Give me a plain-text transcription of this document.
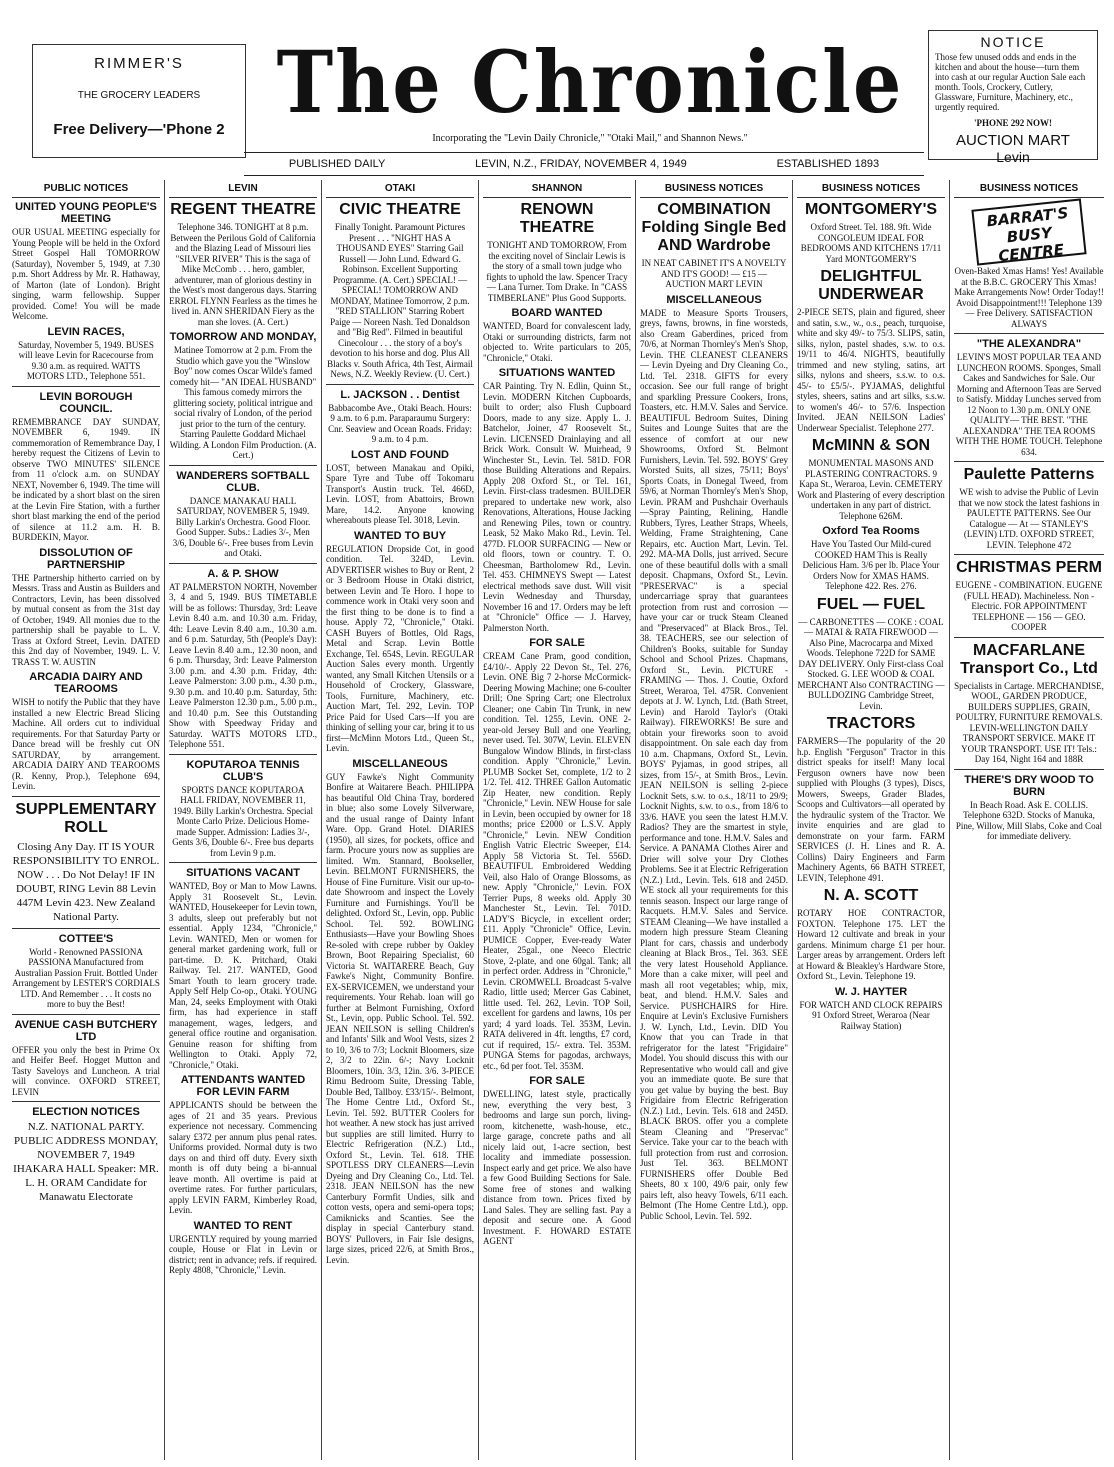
RIMMER'S
THE GROCERY LEADERS
Free Delivery—'Phone 2 The Chronicle
Incorporating the "Levin Daily Chronicle," "Otaki Mail," and Shannon News."
PUBLISHED DAILY	LEVIN, N.Z., FRIDAY, NOVEMBER 4, 1949	ESTABLISHED 1893
NOTICE
Those few unused odds and ends in the kitchen and about the house—turn them into cash at our regular Auction Sale each month. Tools, Crockery, Cutlery, Glassware, Furniture, Machinery, etc., urgently required.
'PHONE 292 NOW!
AUCTION MART
Levin
PUBLIC NOTICES
UNITED YOUNG PEOPLE'S MEETING
OUR USUAL MEETING especially for Young People will be held in the Oxford Street Gospel Hall TOMORROW (Saturday), November 5, 1949, at 7.30 p.m. Short Address by Mr. R. Hathaway, of Marton (late of London). Bright singing, warm fellowship. Supper provided. Come! You will be made Welcome.
LEVIN RACES,
Saturday, November 5, 1949. BUSES will leave Levin for Racecourse from 9.30 a.m. as required. WATTS MOTORS LTD., Telephone 551.
LEVIN BOROUGH COUNCIL.
REMEMBRANCE DAY SUNDAY, NOVEMBER 6, 1949. IN commemoration of Remembrance Day, I hereby request the Citizens of Levin to observe TWO MINUTES' SILENCE from 11 o'clock a.m. on SUNDAY NEXT, November 6, 1949. The time will be indicated by a short blast on the siren at the Levin Fire Station, with a further short blast marking the end of the period of silence at 11.2 a.m. H. B. BURDEKIN, Mayor.
DISSOLUTION OF PARTNERSHIP
THE Partnership hitherto carried on by Messrs. Trass and Austin as Builders and Contractors, Levin, has been dissolved by mutual consent as from the 31st day of October, 1949. All monies due to the partnership shall be payable to L. V. Trass at Oxford Street, Levin. DATED this 2nd day of November, 1949. L. V. TRASS T. W. AUSTIN
ARCADIA DAIRY AND TEAROOMS
WISH to notify the Public that they have installed a new Electric Bread Slicing Machine. All orders cut to individual requirements. For that Saturday Party or Dance bread will be freshly cut ON SATURDAY, by arrangement. ARCADIA DAIRY AND TEAROOMS (R. Kenny, Prop.), Telephone 694, Levin.
SUPPLEMENTARY ROLL
Closing Any Day. IT IS YOUR RESPONSIBILITY TO ENROL. NOW . . . Do Not Delay! IF IN DOUBT, RING Levin 88 Levin 447M Levin 423. New Zealand National Party.
COTTEE'S
World - Renowned PASSIONA PASSIONA Manufactured from Australian Passion Fruit. Bottled Under Arrangement by LESTER'S CORDIALS LTD. And Remember . . . It costs no more to buy the Best!
AVENUE CASH BUTCHERY LTD
OFFER you only the best in Prime Ox and Heifer Beef. Hogget Mutton and Tasty Saveloys and Luncheon. A trial will convince. OXFORD STREET, LEVIN
ELECTION NOTICES
N.Z. NATIONAL PARTY. PUBLIC ADDRESS MONDAY, NOVEMBER 7, 1949 IHAKARA HALL Speaker: MR. L. H. ORAM Candidate for Manawatu Electorate
LEVIN
REGENT THEATRE
Telephone 346. TONIGHT at 8 p.m. Between the Perilous Gold of California and the Blazing Lead of Missouri lies "SILVER RIVER" This is the saga of Mike McComb . . . hero, gambler, adventurer, man of glorious destiny in the West's most dangerous days. Starring ERROL FLYNN Fearless as the times he lived in. ANN SHERIDAN Fiery as the man she loves. (A. Cert.)
TOMORROW AND MONDAY,
Matinee Tomorrow at 2 p.m. From the Studio which gave you the "Winslow Boy" now comes Oscar Wilde's famed comedy hit— "AN IDEAL HUSBAND" This famous comedy mirrors the glittering society, political intrigue and social rivalry of London, of the period just prior to the turn of the century. Starring Paulette Goddard Michael Wilding. A London Film Production. (A. Cert.)
WANDERERS SOFTBALL CLUB.
DANCE MANAKAU HALL SATURDAY, NOVEMBER 5, 1949. Billy Larkin's Orchestra. Good Floor. Good Supper. Subs.: Ladies 3/-, Men 3/6, Double 6/-. Free buses from Levin and Otaki.
A. & P. SHOW
AT PALMERSTON NORTH, November 3, 4 and 5, 1949. BUS TIMETABLE will be as follows: Thursday, 3rd: Leave Levin 8.40 a.m. and 10.30 a.m. Friday, 4th: Leave Levin 8.40 a.m., 10.30 a.m. and 6 p.m. Saturday, 5th (People's Day): Leave Levin 8.40 a.m., 12.30 noon, and 6 p.m. Thursday, 3rd: Leave Palmerston 3.00 p.m. and 4.30 p.m. Friday, 4th: Leave Palmerston: 3.00 p.m., 4.30 p.m., 9.30 p.m. and 10.40 p.m. Saturday, 5th: Leave Palmerston 12.30 p.m., 5.00 p.m., and 10.40 p.m. See this Outstanding Show with Speedway Friday and Saturday. WATTS MOTORS LTD., Telephone 551.
KOPUTAROA TENNIS CLUB'S
SPORTS DANCE KOPUTAROA HALL FRIDAY, NOVEMBER 11, 1949. Billy Larkin's Orchestra. Special Monte Carlo Prize. Delicious Home-made Supper. Admission: Ladies 3/-, Gents 3/6, Double 6/-. Free bus departs from Levin 9 p.m.
SITUATIONS VACANT
WANTED, Boy or Man to Mow Lawns. Apply 31 Roosevelt St., Levin. WANTED, Housekeeper for Levin town, 3 adults, sleep out preferably but not essential. Apply 1234, "Chronicle," Levin. WANTED, Men or women for general market gardening work, full or part-time. D. K. Pritchard, Otaki Railway. Tel. 217. WANTED, Good Smart Youth to learn grocery trade. Apply Self Help Co-op., Otaki. YOUNG Man, 24, seeks Employment with Otaki firm, has had experience in staff management, wages, ledgers, and general office routine and organisation. Genuine reason for shifting from Wellington to Otaki. Apply 72, "Chronicle," Otaki.
ATTENDANTS WANTED FOR LEVIN FARM
APPLICANTS should be between the ages of 21 and 35 years. Previous experience not necessary. Commencing salary £372 per annum plus penal rates. Uniforms provided. Normal duty is two days on and third off duty. Every sixth month is off duty being a bi-annual leave month. All overtime is paid at overtime rates. For further particulars, apply LEVIN FARM, Kimberley Road, Levin.
WANTED TO RENT
URGENTLY required by young married couple, House or Flat in Levin or district; rent in advance; refs. if required. Reply 4808, "Chronicle," Levin.
OTAKI
CIVIC THEATRE
Finally Tonight. Paramount Pictures Present . . . "NIGHT HAS A THOUSAND EYES" Starring Gail Russell — John Lund. Edward G. Robinson. Excellent Supporting Programme. (A. Cert.) SPECIAL! — SPECIAL! TOMORROW AND MONDAY, Matinee Tomorrow, 2 p.m. "RED STALLION" Starring Robert Paige — Noreen Nash. Ted Donaldson and "Big Red". Filmed in beautiful Cinecolour . . . the story of a boy's devotion to his horse and dog. Plus All Blacks v. South Africa, 4th Test, Airmail News, N.Z. Weekly Review. (U. Cert.)
L. JACKSON . . Dentist
Babbacombe Ave., Otaki Beach. Hours: 9 a.m. to 6 p.m. Paraparaumu Surgery: Cnr. Seaview and Ocean Roads. Friday: 9 a.m. to 4 p.m.
LOST AND FOUND
LOST, between Manakau and Opiki, Spare Tyre and Tube off Tokomaru Transport's Austin truck. Tel. 466D, Levin. LOST, from Abattoirs, Brown Mare, 14.2. Anyone knowing whereabouts please Tel. 3018, Levin.
WANTED TO BUY
REGULATION Dropside Cot, in good condition. Tel. 324D, Levin. ADVERTISER wishes to Buy or Rent, 2 or 3 Bedroom House in Otaki district, between Levin and Te Horo. I hope to commence work in Otaki very soon and the first thing to be done is to find a house. Apply 72, "Chronicle," Otaki. CASH Buyers of Bottles, Old Rags, Metal and Scrap. Levin Bottle Exchange, Tel. 654S, Levin. REGULAR Auction Sales every month. Urgently wanted, any Small Kitchen Utensils or a Household of Crockery, Glassware, Tools, Furniture, Machinery, etc. Auction Mart, Tel. 292, Levin. TOP Price Paid for Used Cars—If you are thinking of selling your car, bring it to us first—McMinn Motors Ltd., Queen St., Levin.
MISCELLANEOUS
GUY Fawke's Night Community Bonfire at Waitarere Beach. PHILIPPA has beautiful Old China Tray, bordered in blue; also some Lovely Silverware, and the usual range of Dainty Infant Ware. Opp. Grand Hotel. DIARIES (1950), all sizes, for pockets, office and farm. Procure yours now as supplies are limited. Wm. Stannard, Bookseller, Levin. BELMONT FURNISHERS, the House of Fine Furniture. Visit our up-to-date Showroom and inspect the Lovely Furniture and Furnishings. You'll be delighted. Oxford St., Levin, opp. Public School. Tel. 592. BOWLING Enthusiasts—Have your Bowling Shoes Re-soled with crepe rubber by Oakley Brown, Boot Repairing Specialist, 60 Victoria St. WAITARERE Beach, Guy Fawke's Night, Community Bonfire. EX-SERVICEMEN, we understand your requirements. Your Rehab. loan will go further at Belmont Furnishing, Oxford St., Levin, opp. Public School. Tel. 592. JEAN NEILSON is selling Children's and Infants' Silk and Wool Vests, sizes 2 to 10, 3/6 to 7/3; Locknit Bloomers, size 2, 3/2 to 22in. 6/-; Navy Locknit Bloomers, 10in. 3/3, 12in. 3/6. 3-PIECE Rimu Bedroom Suite, Dressing Table, Double Bed, Tallboy. £33/15/-. Belmont, The Home Centre Ltd., Oxford St., Levin. Tel. 592. BUTTER Coolers for hot weather. A new stock has just arrived but supplies are still limited. Hurry to Electric Refrigeration (N.Z.) Ltd., Oxford St., Levin. Tel. 618. THE SPOTLESS DRY CLEANERS—Levin Dyeing and Dry Cleaning Co., Ltd. Tel. 2318. JEAN NEILSON has the new Canterbury Formfit Undies, silk and cotton vests, opera and semi-opera tops; Camiknicks and Scanties. See the display in special Canterbury stand. BOYS' Pullovers, in Fair Isle designs, large sizes, priced 22/6, at Smith Bros., Levin.
SHANNON
RENOWN THEATRE
TONIGHT AND TOMORROW, From the exciting novel of Sinclair Lewis is the story of a small town judge who fights to uphold the law. Spencer Tracy — Lana Turner. Tom Drake. In "CASS TIMBERLANE" Plus Good Supports.
BOARD WANTED
WANTED, Board for convalescent lady, Otaki or surrounding districts, farm not objected to. Write particulars to 205, "Chronicle," Otaki.
SITUATIONS WANTED
CAR Painting. Try N. Edlin, Quinn St., Levin. MODERN Kitchen Cupboards, built to order; also Flush Cupboard Doors, made to any size. Apply L. J. Batchelor, Joiner, 47 Roosevelt St., Levin. LICENSED Drainlaying and all Brick Work. Consult W. Muirhead, 9 Winchester St., Levin. Tel. 581D. FOR those Building Alterations and Repairs. Apply 208 Oxford St., or Tel. 161, Levin. First-class tradesmen. BUILDER prepared to undertake new work, also Renovations, Alterations, House Jacking and Renewing Piles, town or country. Leask, 52 Mako Mako Rd., Levin. Tel. 477D. FLOOR SURFACING — New or old floors, town or country. T. O. Cheesman, Bartholomew Rd., Levin. Tel. 453. CHIMNEYS Swept — Latest electrical methods save dust. Will visit Levin Wednesday and Thursday, November 16 and 17. Orders may be left at "Chronicle" Office — J. Harvey, Palmerston North.
FOR SALE
CREAM Cane Pram, good condition, £4/10/-. Apply 22 Devon St., Tel. 276, Levin. ONE Big 7 2-horse McCormick-Deering Mowing Machine; one 6-coulter Drill; One Spring Cart; one Electrolux Cleaner; one Cabin Tin Trunk, in new condition. Tel. 1255, Levin. ONE 2-year-old Jersey Bull and one Yearling, never used. Tel. 307W, Levin. ELEVEN Bungalow Window Blinds, in first-class condition. Apply "Chronicle," Levin. PLUMB Socket Set, complete, 1/2 to 2 1/2. Tel. 412. THREE Gallon Automatic Zip Heater, new condition. Reply "Chronicle," Levin. NEW House for sale in Levin, been occupied by owner for 18 months; price £2000 or L.S.V. Apply "Chronicle," Levin. NEW Condition English Vatric Electric Sweeper, £14. Apply 58 Victoria St. Tel. 556D. BEAUTIFUL Embroidered Wedding Veil, also Halo of Orange Blossoms, as new. Apply "Chronicle," Levin. FOX Terrier Pups, 8 weeks old. Apply 30 Manchester St., Levin. Tel. 701D. LADY'S Bicycle, in excellent order; £11. Apply "Chronicle" Office, Levin. PUMICE Copper, Ever-ready Water Heater, 25gal., one Neeco Electric Stove, 2-plate, and one 60gal. Tank; all in perfect order. Address in "Chronicle," Levin. CROMWELL Broadcast 5-valve Radio, little used; Mercer Gas Cabinet, little used. Tel. 262, Levin. TOP Soil, excellent for gardens and lawns, 10s per yard; 4 yard loads. Tel. 353M, Levin. RATA delivered in 4ft. lengths, £7 cord, cut if required, 15/- extra. Tel. 353M. PUNGA Stems for pagodas, archways, etc., 6d per foot. Tel. 353M.
FOR SALE
DWELLING, latest style, practically new, everything the very best, 3 bedrooms and large sun porch, living-room, kitchenette, wash-house, etc., large garage, concrete paths and all nicely laid out, 1-acre section, best locality and immediate possession. Inspect early and get price. We also have a few Good Building Sections for Sale. Some free of stones and walking distance from town. Prices fixed by Land Sales. They are selling fast. Pay a deposit and secure one. A Good Investment. F. HOWARD ESTATE AGENT
BUSINESS NOTICES
COMBINATION Folding Single Bed AND Wardrobe
IN NEAT CABINET IT'S A NOVELTY AND IT'S GOOD! — £15 — AUCTION MART LEVIN
MISCELLANEOUS
MADE to Measure Sports Trousers, greys, fawns, browns, in fine worsteds, also Cream Gaberdines, priced from 70/6, at Norman Thornley's Men's Shop, Levin. THE CLEANEST CLEANERS — Levin Dyeing and Dry Cleaning Co., Ltd. Tel. 2318. GIFTS for every occasion. See our full range of bright and sparkling Pressure Cookers, Irons, Toasters, etc. H.M.V. Sales and Service. BEAUTIFUL Bedroom Suites, Dining Suites and Lounge Suites that are the essence of comfort at our new Showrooms, Oxford St. Belmont Furnishers, Levin. Tel. 592. BOYS' Grey Worsted Suits, all sizes, 75/11; Boys' Sports Coats, in Donegal Tweed, from 59/6, at Norman Thornley's Men's Shop, Levin. PRAM and Pushchair Overhauls—Spray Painting, Relining, Handle Rubbers, Tyres, Leather Straps, Wheels, Welding, Frame Straightening, Cane Repairs, etc. Auction Mart, Levin. Tel. 292. MA-MA Dolls, just arrived. Secure one of these beautiful dolls with a small deposit. Chapmans, Oxford St., Levin. "PRESERVAC" is a special undercarriage spray that guarantees protection from rust and corrosion — have your car or truck Steam Cleaned and "Preservaced" at Black Bros., Tel. 38. TEACHERS, see our selection of Children's Books, suitable for Sunday School and School Prizes. Chapmans, Oxford St., Levin. PICTURE - FRAMING — Thos. J. Coutie, Oxford Street, Weraroa, Tel. 475R. Convenient depots at J. W. Lynch, Ltd. (Bath Street, Levin) and Harold Taylor's (Otaki Railway). FIREWORKS! Be sure and obtain your fireworks soon to avoid disappointment. On sale each day from 10 a.m. Chapmans, Oxford St., Levin. BOYS' Pyjamas, in good stripes, all sizes, from 15/-, at Smith Bros., Levin. JEAN NEILSON is selling 2-piece Locknit Sets, s.w. to o.s., 18/11 to 29/9; Locknit Nights, s.w. to o.s., from 18/6 to 33/6. HAVE you seen the latest H.M.V. Radios? They are the smartest in style, performance and tone. H.M.V. Sales and Service. A PANAMA Clothes Airer and Drier will solve your Dry Clothes Problems. See it at Electric Refrigeration (N.Z.) Ltd., Levin. Tels. 618 and 245D. WE stock all your requirements for this tennis season. Inspect our large range of Racquets. H.M.V. Sales and Service. STEAM Cleaning—We have installed a modern high pressure Steam Cleaning Plant for cars, chassis and underbody cleaning at Black Bros., Tel. 363. SEE the very latest Household Appliance. More than a cake mixer, will peel and mash all root vegetables; whip, mix, beat, and blend. H.M.V. Sales and Service. PUSHCHAIRS for Hire. Enquire at Levin's Exclusive Furnishers J. W. Lynch, Ltd., Levin. DID You Know that you can Trade in that refrigerator for the latest "Frigidaire" Model. You should discuss this with our Representative who would call and give you an immediate quote. Be sure that you get value by buying the best. Buy Frigidaire from Electric Refrigeration (N.Z.) Ltd., Levin. Tels. 618 and 245D. BLACK BROS. offer you a complete Steam Cleaning and "Preservac" Service. Take your car to the beach with full protection from rust and corrosion. Just Tel. 363. BELMONT FURNISHERS offer Double Bed Sheets, 80 x 100, 49/6 pair, only few pairs left, also heavy Towels, 6/11 each. Belmont (The Home Centre Ltd.), opp. Public School, Levin. Tel. 592.
BUSINESS NOTICES
MONTGOMERY'S
Oxford Street. Tel. 188. 9ft. Wide CONGOLEUM IDEAL FOR BEDROOMS AND KITCHENS 17/11 Yard MONTGOMERY'S
DELIGHTFUL UNDERWEAR
2-PIECE SETS, plain and figured, sheer and satin, s.w., w., o.s., peach, turquoise, white and sky 49/- to 75/3. SLIPS, satin, silks, nylon, pastel shades, s.w. to o.s. 19/11 to 46/4. NIGHTS, beautifully trimmed and new styling, satins, art silks, nylons and sheers, s.s.w. to o.s. 45/- to £5/5/-. PYJAMAS, delightful styles, sheers, satins and art silks, s.s.w. to women's 46/- to 57/6. Inspection Invited. JEAN NEILSON Ladies' Underwear Specialist. Telephone 277.
McMINN & SON
MONUMENTAL MASONS AND PLASTERING CONTRACTORS. 9 Kapa St., Weraroa, Levin. CEMETERY Work and Plastering of every description undertaken in any part of district. Telephone 626M.
Oxford Tea Rooms
Have You Tasted Our Mild-cured COOKED HAM This is Really Delicious Ham. 3/6 per lb. Place Your Orders Now for XMAS HAMS. Telephone 422. Res. 276.
FUEL — FUEL
— CARBONETTES — COKE : COAL — MATAI & RATA FIREWOOD — Also Pine, Macrocarpa and Mixed Woods. Telephone 722D for SAME DAY DELIVERY. Only First-class Coal Stocked. G. LEE WOOD & COAL MERCHANT Also CONTRACTING — BULLDOZING Cambridge Street, Levin.
TRACTORS
FARMERS—The popularity of the 20 h.p. English "Ferguson" Tractor in this district speaks for itself! Many local Ferguson owners have now been supplied with Ploughs (3 types), Discs, Mowers, Sweeps, Grader Blades, Scoops and Cultivators—all operated by the hydraulic system of the Tractor. We invite enquiries and are glad to demonstrate on your farm. FARM SERVICES (J. H. Lines and R. A. Collins) Dairy Engineers and Farm Machinery Agents, 66 BATH STREET, LEVIN, Telephone 491.
N. A. SCOTT
ROTARY HOE CONTRACTOR, FOXTON. Telephone 175. LET the Howard 12 cultivate and break in your gardens. Minimum charge £1 per hour. Larger areas by arrangement. Orders left at Howard & Bleakley's Hardware Store, Oxford St., Levin. Telephone 19.
W. J. HAYTER
FOR WATCH AND CLOCK REPAIRS 91 Oxford Street, Weraroa (Near Railway Station)
BUSINESS NOTICES
BARRAT'S BUSY CENTRE
Oven-Baked Xmas Hams! Yes! Available at the B.B.C. GROCERY This Xmas! Make Arrangements Now! Order Today!! Avoid Disappointment!!! Telephone 139 — Free Delivery. SATISFACTION ALWAYS
"THE ALEXANDRA"
LEVIN'S MOST POPULAR TEA AND LUNCHEON ROOMS. Sponges, Small Cakes and Sandwiches for Sale. Our Morning and Afternoon Teas are Served to Satisfy. Midday Lunches served from 12 Noon to 1.30 p.m. ONLY ONE QUALITY— THE BEST. "THE ALEXANDRA" THE TEA ROOMS WITH THE HOME TOUCH. Telephone 634.
Paulette Patterns
WE wish to advise the Public of Levin that we now stock the latest fashions in PAULETTE PATTERNS. See Our Catalogue — At — STANLEY'S (LEVIN) LTD. OXFORD STREET, LEVIN. Telephone 472
CHRISTMAS PERM
EUGENE - COMBINATION. EUGENE (FULL HEAD). Machineless. Non - Electric. FOR APPOINTMENT TELEPHONE — 156 — GEO. COOPER
MACFARLANE Transport Co., Ltd
Specialists in Cartage. MERCHANDISE, WOOL, GARDEN PRODUCE, BUILDERS SUPPLIES, GRAIN, POULTRY, FURNITURE REMOVALS. LEVIN-WELLINGTON DAILY TRANSPORT SERVICE. MAKE IT YOUR TRANSPORT. USE IT! Tels.: Day 164, Night 164 and 188R
THERE'S DRY WOOD TO BURN
In Beach Road. Ask E. COLLIS. Telephone 632D. Stocks of Manuka, Pine, Willow, Mill Slabs, Coke and Coal for immediate delivery.
